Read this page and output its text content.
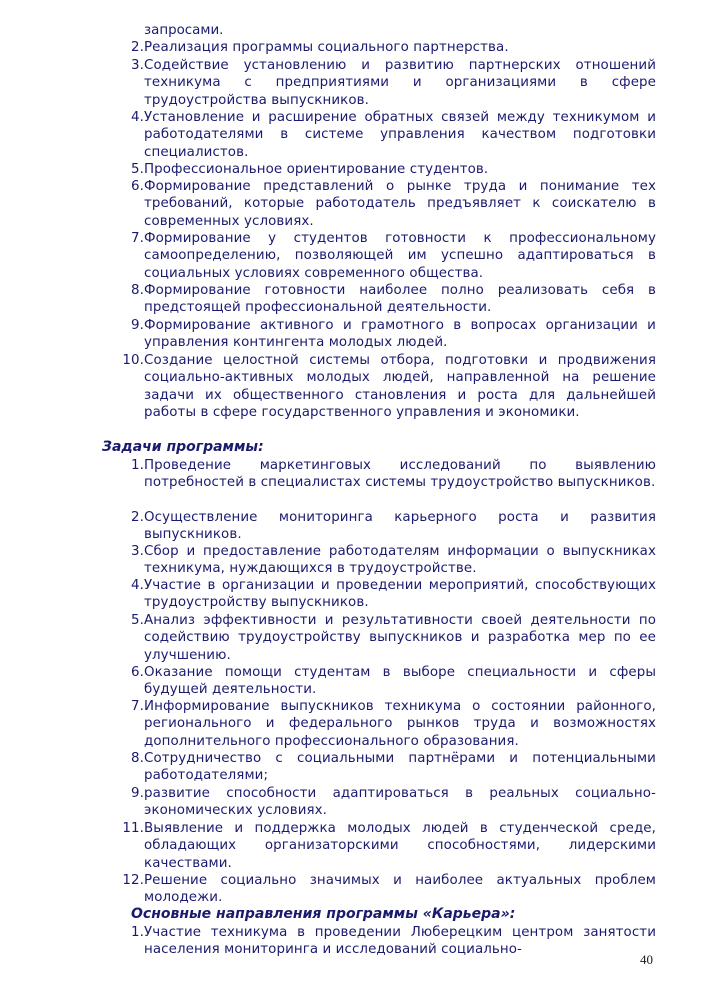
запросами.
2. Реализация программы социального партнерства.
3. Содействие установлению и развитию партнерских отношений техникума с предприятиями и организациями в сфере трудоустройства выпускников.
4. Установление и расширение обратных связей между техникумом и работодателями в системе управления качеством подготовки специалистов.
5. Профессиональное ориентирование студентов.
6. Формирование представлений о рынке труда и понимание тех требований, которые работодатель предъявляет к соискателю в современных условиях.
7. Формирование у студентов готовности к профессиональному самоопределению, позволяющей им успешно адаптироваться в социальных условиях современного общества.
8. Формирование готовности наиболее полно реализовать себя в предстоящей профессиональной деятельности.
9. Формирование активного и грамотного в вопросах организации и управления контингента молодых людей.
10. Создание целостной системы отбора, подготовки и продвижения социально-активных молодых людей, направленной на решение задачи их общественного становления и роста для дальнейшей работы в сфере государственного управления и экономики.
Задачи программы:
1. Проведение маркетинговых исследований по выявлению потребностей в специалистах системы трудоустройство выпускников.
2. Осуществление мониторинга карьерного роста и развития выпускников.
3. Сбор и предоставление работодателям информации о выпускниках техникума, нуждающихся в трудоустройстве.
4. Участие в организации и проведении мероприятий, способствующих трудоустройству выпускников.
5. Анализ эффективности и результативности своей деятельности по содействию трудоустройству выпускников и разработка мер по ее улучшению.
6. Оказание помощи студентам в выборе специальности и сферы будущей деятельности.
7. Информирование выпускников техникума о состоянии районного, регионального и федерального рынков труда и возможностях дополнительного профессионального образования.
8. Сотрудничество с социальными партнёрами и потенциальными работодателями;
9. развитие способности адаптироваться в реальных социально-экономических условиях.
11. Выявление и поддержка молодых людей в студенческой среде, обладающих организаторскими способностями, лидерскими качествами.
12. Решение социально значимых и наиболее актуальных проблем молодежи.
Основные направления программы «Карьера»:
1. Участие техникума в проведении Люберецким центром занятости населения мониторинга и исследований социально-
40
